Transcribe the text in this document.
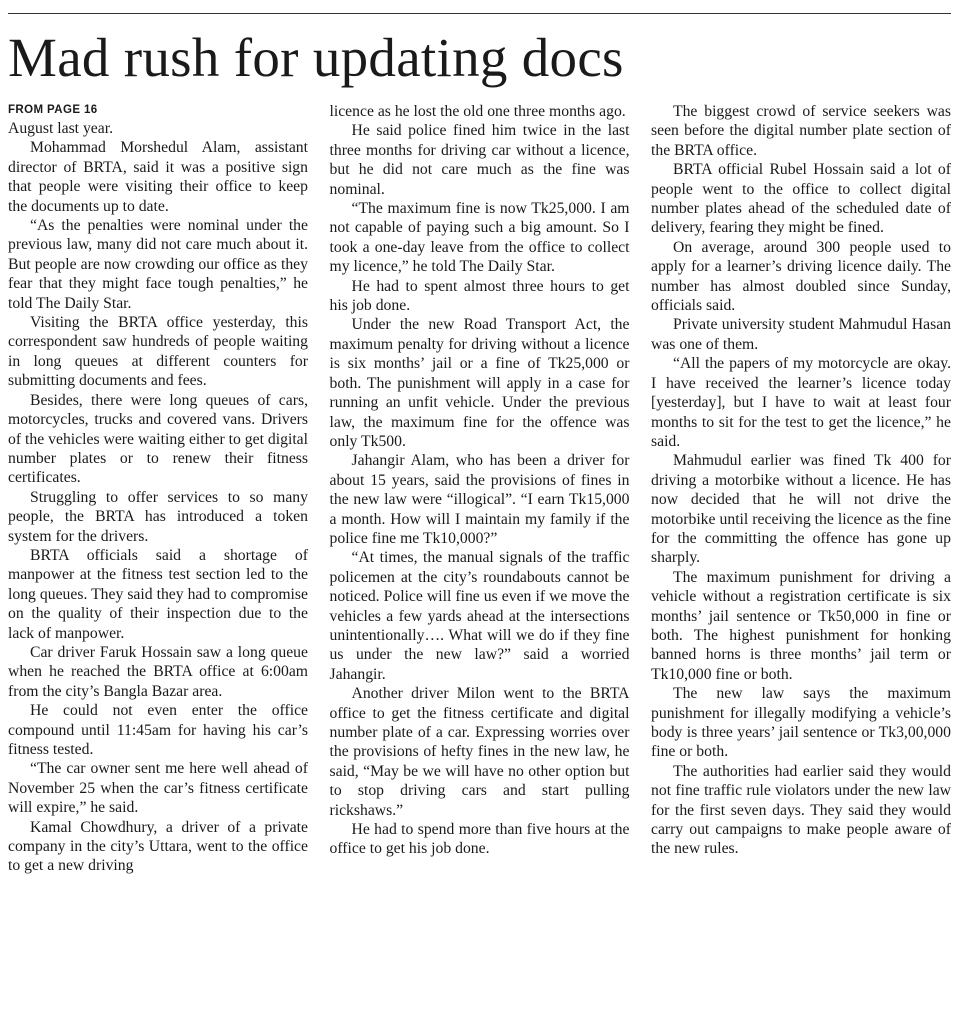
Mad rush for updating docs
FROM PAGE 16

August last year.

Mohammad Morshedul Alam, assistant director of BRTA, said it was a positive sign that people were visiting their office to keep the documents up to date.

“As the penalties were nominal under the previous law, many did not care much about it. But people are now crowding our office as they fear that they might face tough penalties,” he told The Daily Star.

Visiting the BRTA office yesterday, this correspondent saw hundreds of people waiting in long queues at different counters for submitting documents and fees.

Besides, there were long queues of cars, motorcycles, trucks and covered vans. Drivers of the vehicles were waiting either to get digital number plates or to renew their fitness certificates.

Struggling to offer services to so many people, the BRTA has introduced a token system for the drivers.

BRTA officials said a shortage of manpower at the fitness test section led to the long queues. They said they had to compromise on the quality of their inspection due to the lack of manpower.

Car driver Faruk Hossain saw a long queue when he reached the BRTA office at 6:00am from the city’s Bangla Bazar area.

He could not even enter the office compound until 11:45am for having his car’s fitness tested.

“The car owner sent me here well ahead of November 25 when the car’s fitness certificate will expire,” he said.

Kamal Chowdhury, a driver of a private company in the city’s Uttara, went to the office to get a new driving

licence as he lost the old one three months ago.

He said police fined him twice in the last three months for driving car without a licence, but he did not care much as the fine was nominal.

“The maximum fine is now Tk25,000. I am not capable of paying such a big amount. So I took a one-day leave from the office to collect my licence,” he told The Daily Star.

He had to spent almost three hours to get his job done.

Under the new Road Transport Act, the maximum penalty for driving without a licence is six months’ jail or a fine of Tk25,000 or both. The punishment will apply in a case for running an unfit vehicle. Under the previous law, the maximum fine for the offence was only Tk500.

Jahangir Alam, who has been a driver for about 15 years, said the provisions of fines in the new law were “illogical”. “I earn Tk15,000 a month. How will I maintain my family if the police fine me Tk10,000?”

“At times, the manual signals of the traffic policemen at the city’s roundabouts cannot be noticed. Police will fine us even if we move the vehicles a few yards ahead at the intersections unintentionally…. What will we do if they fine us under the new law?” said a worried Jahangir.

Another driver Milon went to the BRTA office to get the fitness certificate and digital number plate of a car. Expressing worries over the provisions of hefty fines in the new law, he said, “May be we will have no other option but to stop driving cars and start pulling rickshaws.”

He had to spend more than five hours at the office to get his job done.

The biggest crowd of service seekers was seen before the digital number plate section of the BRTA office.

BRTA official Rubel Hossain said a lot of people went to the office to collect digital number plates ahead of the scheduled date of delivery, fearing they might be fined.

On average, around 300 people used to apply for a learner’s driving licence daily. The number has almost doubled since Sunday, officials said.

Private university student Mahmudul Hasan was one of them.

“All the papers of my motorcycle are okay. I have received the learner’s licence today [yesterday], but I have to wait at least four months to sit for the test to get the licence,” he said.

Mahmudul earlier was fined Tk 400 for driving a motorbike without a licence. He has now decided that he will not drive the motorbike until receiving the licence as the fine for the committing the offence has gone up sharply.

The maximum punishment for driving a vehicle without a registration certificate is six months’ jail sentence or Tk50,000 in fine or both. The highest punishment for honking banned horns is three months’ jail term or Tk10,000 fine or both.

The new law says the maximum punishment for illegally modifying a vehicle’s body is three years’ jail sentence or Tk3,00,000 fine or both.

The authorities had earlier said they would not fine traffic rule violators under the new law for the first seven days. They said they would carry out campaigns to make people aware of the new rules.
